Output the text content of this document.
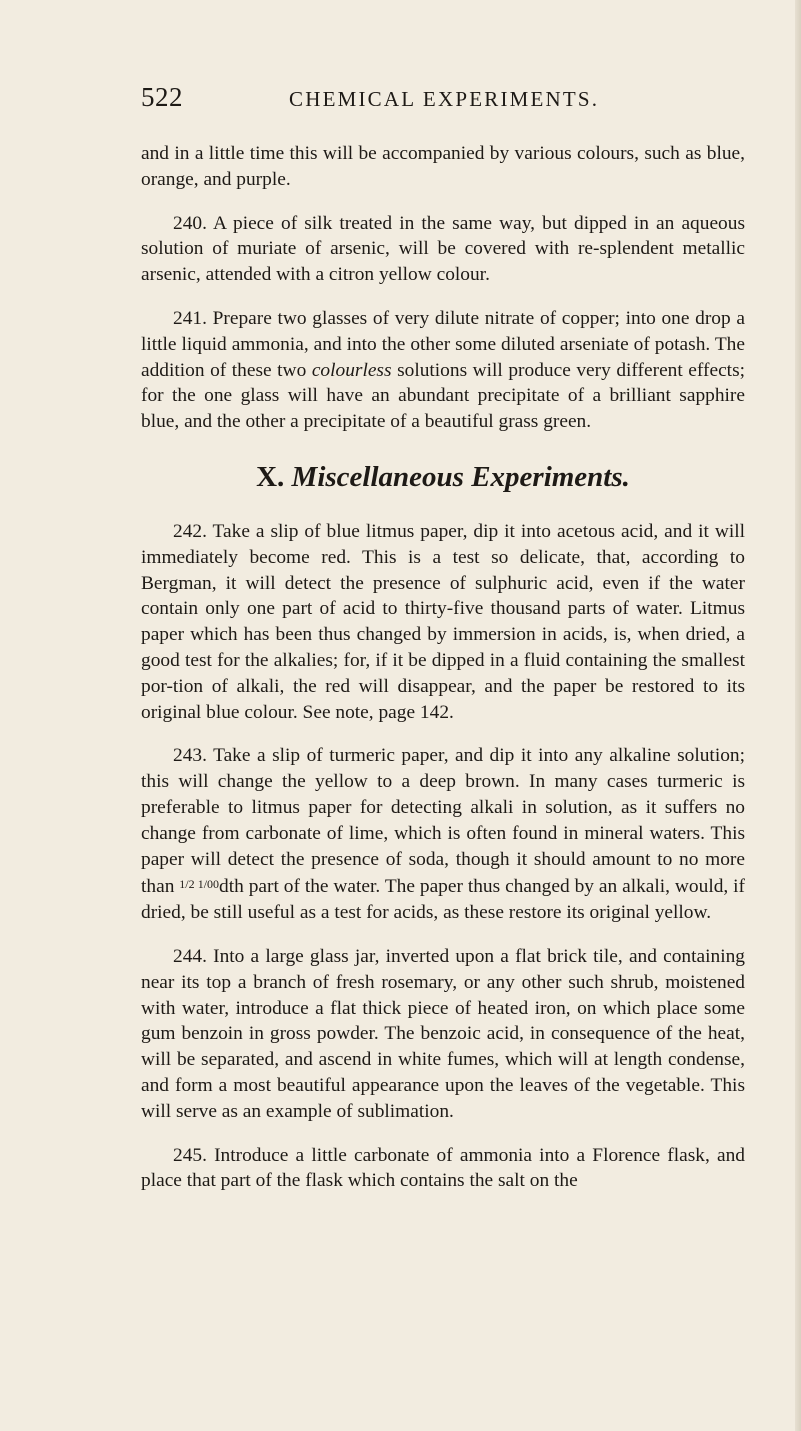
522	CHEMICAL EXPERIMENTS.

and in a little time this will be accompanied by various colours, such as blue, orange, and purple.

240. A piece of silk treated in the same way, but dipped in an aqueous solution of muriate of arsenic, will be covered with re-splendent metallic arsenic, attended with a citron yellow colour.

241. Prepare two glasses of very dilute nitrate of copper; into one drop a little liquid ammonia, and into the other some diluted arseniate of potash. The addition of these two colourless solutions will produce very different effects; for the one glass will have an abundant precipitate of a brilliant sapphire blue, and the other a precipitate of a beautiful grass green.

X. Miscellaneous Experiments.

242. Take a slip of blue litmus paper, dip it into acetous acid, and it will immediately become red. This is a test so delicate, that, according to Bergman, it will detect the presence of sulphuric acid, even if the water contain only one part of acid to thirty-five thousand parts of water. Litmus paper which has been thus changed by immersion in acids, is, when dried, a good test for the alkalies; for, if it be dipped in a fluid containing the smallest por-tion of alkali, the red will disappear, and the paper be restored to its original blue colour. See note, page 142.

243. Take a slip of turmeric paper, and dip it into any alkaline solution; this will change the yellow to a deep brown. In many cases turmeric is preferable to litmus paper for detecting alkali in solution, as it suffers no change from carbonate of lime, which is often found in mineral waters. This paper will detect the presence of soda, though it should amount to no more than $^{1/2 1/00}$dth part of the water. The paper thus changed by an alkali, would, if dried, be still useful as a test for acids, as these restore its original yellow.

244. Into a large glass jar, inverted upon a flat brick tile, and containing near its top a branch of fresh rosemary, or any other such shrub, moistened with water, introduce a flat thick piece of heated iron, on which place some gum benzoin in gross powder. The benzoic acid, in consequence of the heat, will be separated, and ascend in white fumes, which will at length condense, and form a most beautiful appearance upon the leaves of the vegetable. This will serve as an example of sublimation.

245. Introduce a little carbonate of ammonia into a Florence flask, and place that part of the flask which contains the salt on the
